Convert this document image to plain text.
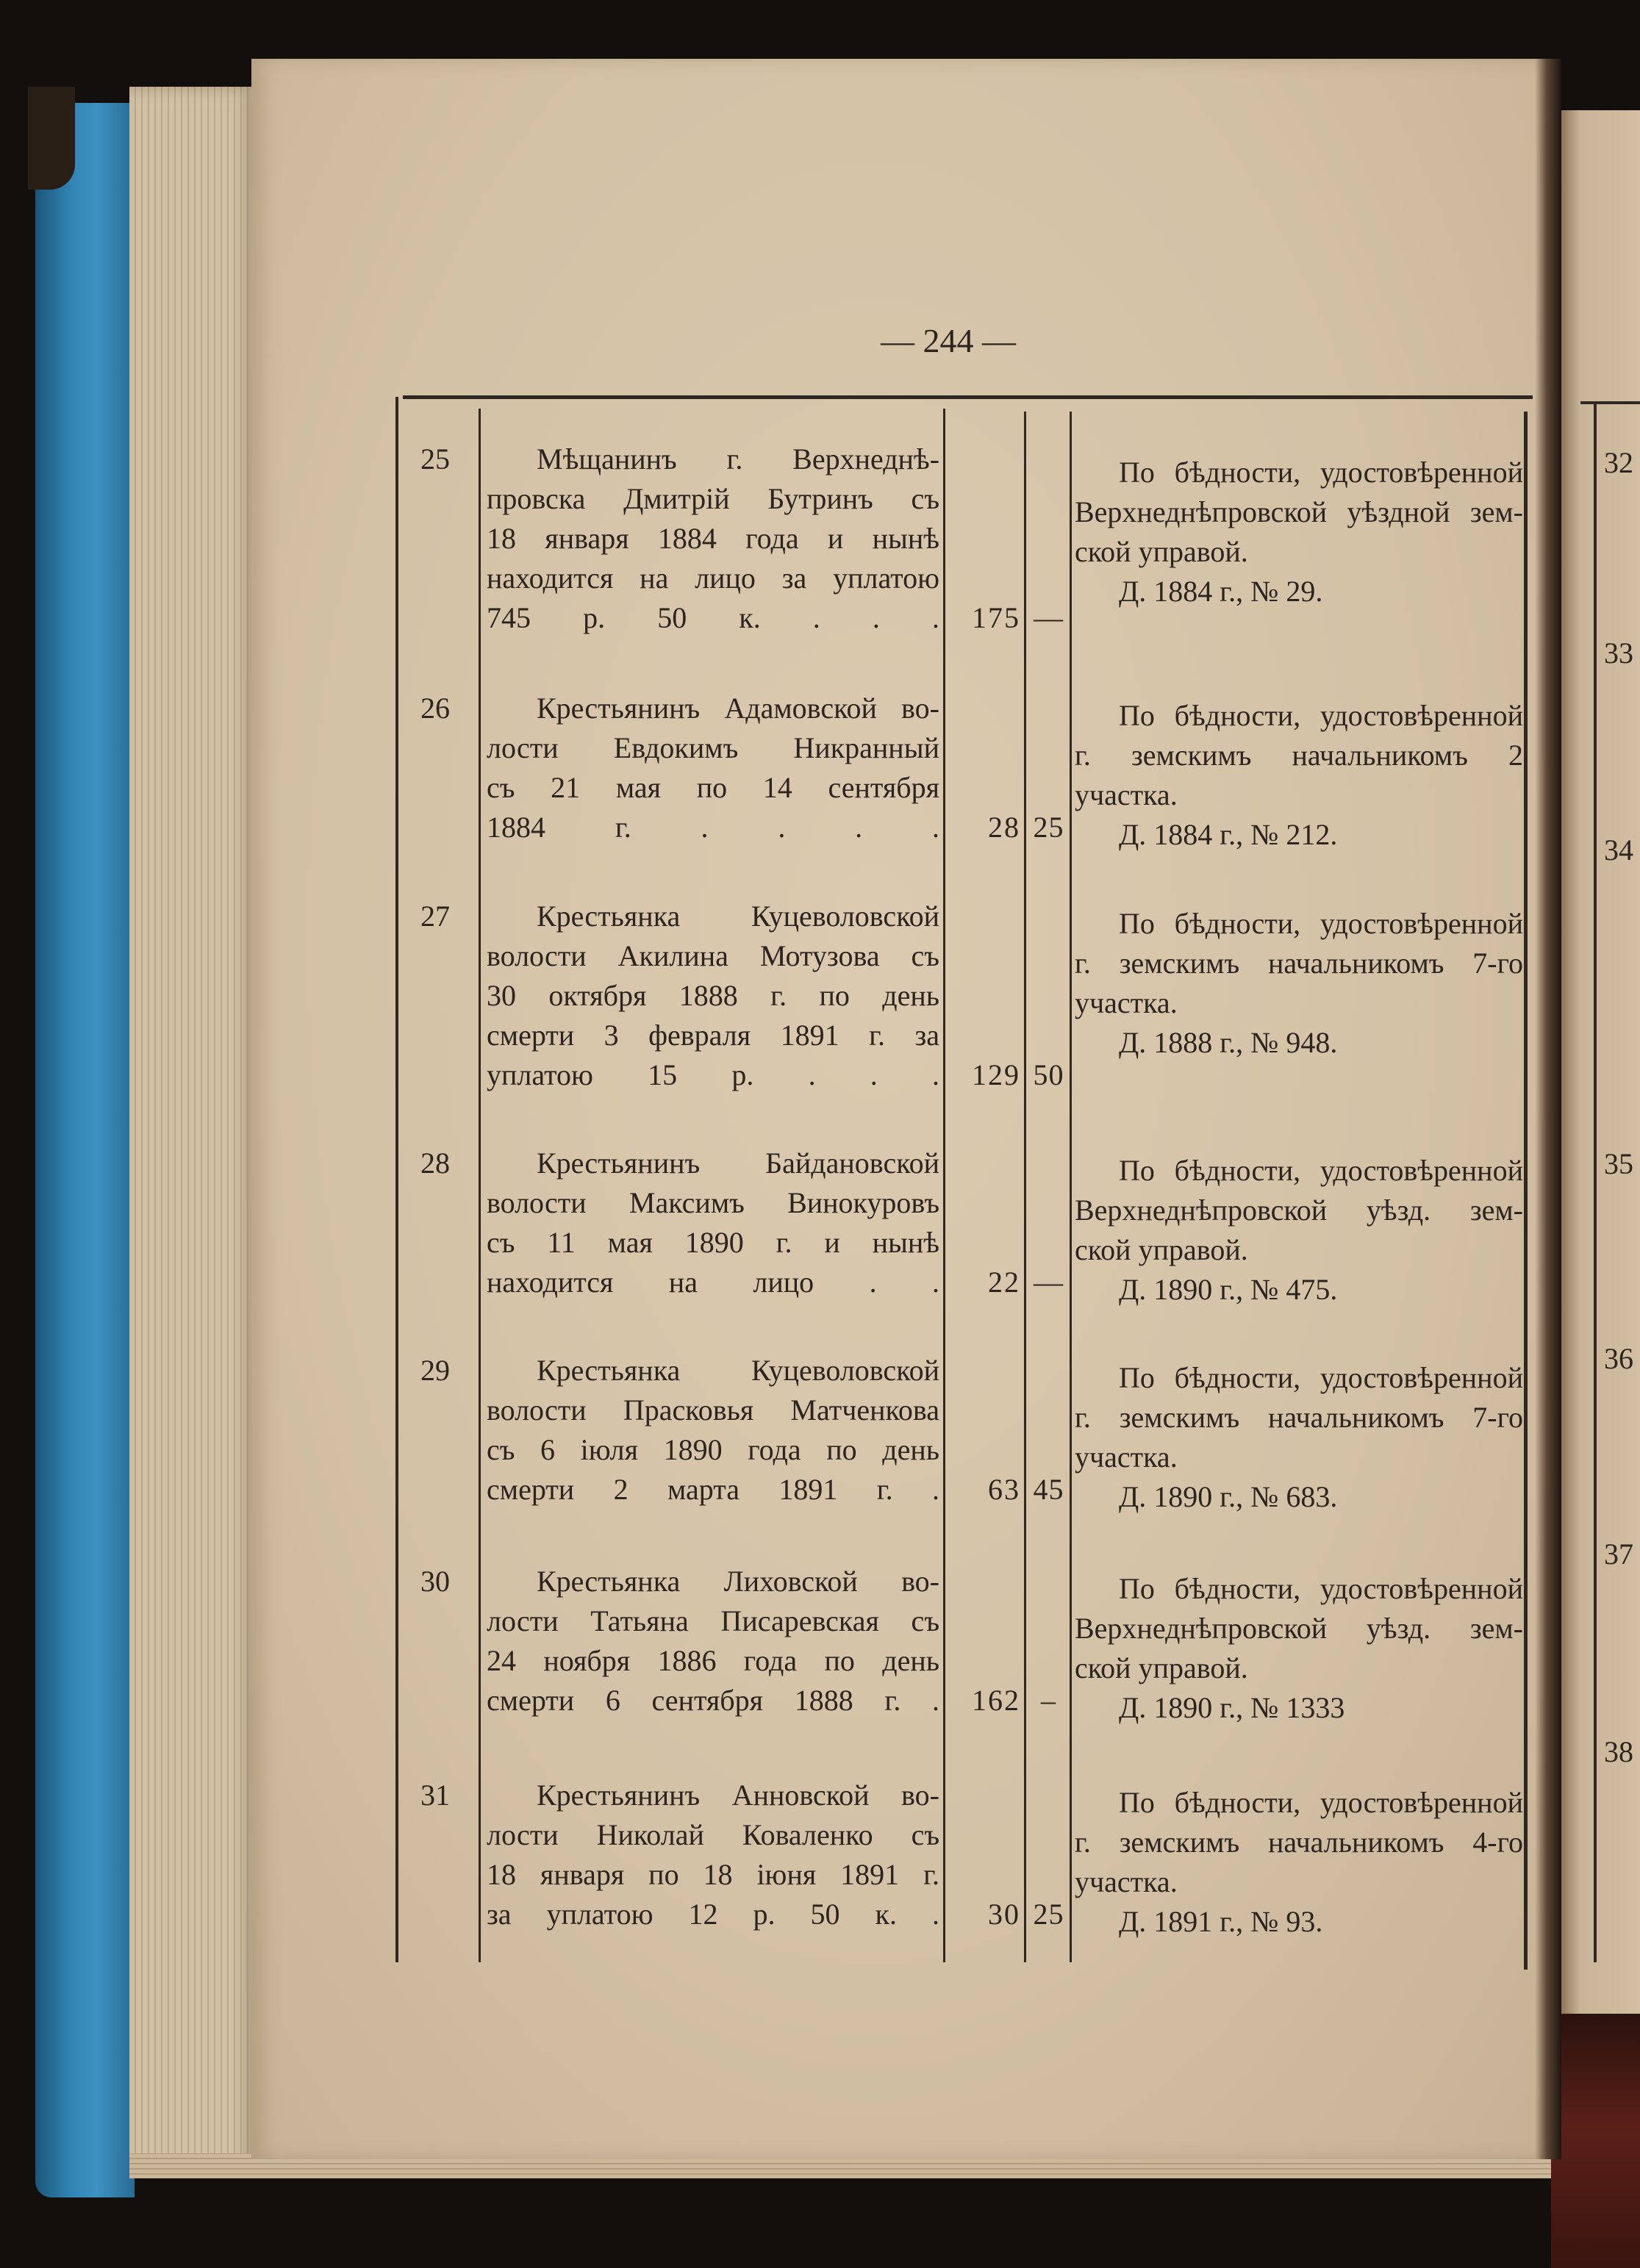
— 244 —
25	Мѣщанинъ г. Верхнеднѣ-
провска Дмитрій Бутринъ съ
18 января 1884 года и нынѣ
находится на лицо за уплатою
745 р. 50 к. . . .	175 —
По бѣдности, удостовѣренной
Верхнеднѣпровской уѣздной зем-
ской управой.
Д. 1884 г., № 29.
26	Крестьянинъ Адамовской во-
лости Евдокимъ Никранный
съ 21 мая по 14 сентября
1884 г. . . . .	28 25
По бѣдности, удостовѣренной
г. земскимъ начальникомъ 2
участка.
Д. 1884 г., № 212.
27	Крестьянка Куцеволовской
волости Акилина Мотузова съ
30 октября 1888 г. по день
смерти 3 февраля 1891 г. за
уплатою 15 р. . . .	129 50
По бѣдности, удостовѣренной
г. земскимъ начальникомъ 7-го
участка.
Д. 1888 г., № 948.
28	Крестьянинъ Байдановской
волости Максимъ Винокуровъ
съ 11 мая 1890 г. и нынѣ
находится на лицо . .	22 —
По бѣдности, удостовѣренной
Верхнеднѣпровской уѣзд. зем-
ской управой.
Д. 1890 г., № 475.
29	Крестьянка Куцеволовской
волости Прасковья Матченкова
съ 6 іюля 1890 года по день
смерти 2 марта 1891 г. .	63 45
По бѣдности, удостовѣренной
г. земскимъ начальникомъ 7-го
участка.
Д. 1890 г., № 683.
30	Крестьянка Лиховской во-
лости Татьяна Писаревская съ
24 ноября 1886 года по день
смерти 6 сентября 1888 г. .	162 –
По бѣдности, удостовѣренной
Верхнеднѣпровской уѣзд. зем-
ской управой.
Д. 1890 г., № 1333
31	Крестьянинъ Анновской во-
лости Николай Коваленко съ
18 января по 18 іюня 1891 г.
за уплатою 12 р. 50 к. .	30 25
По бѣдности, удостовѣренной
г. земскимъ начальникомъ 4-го
участка.
Д. 1891 г., № 93.
32
33
34
35
36
37
38
